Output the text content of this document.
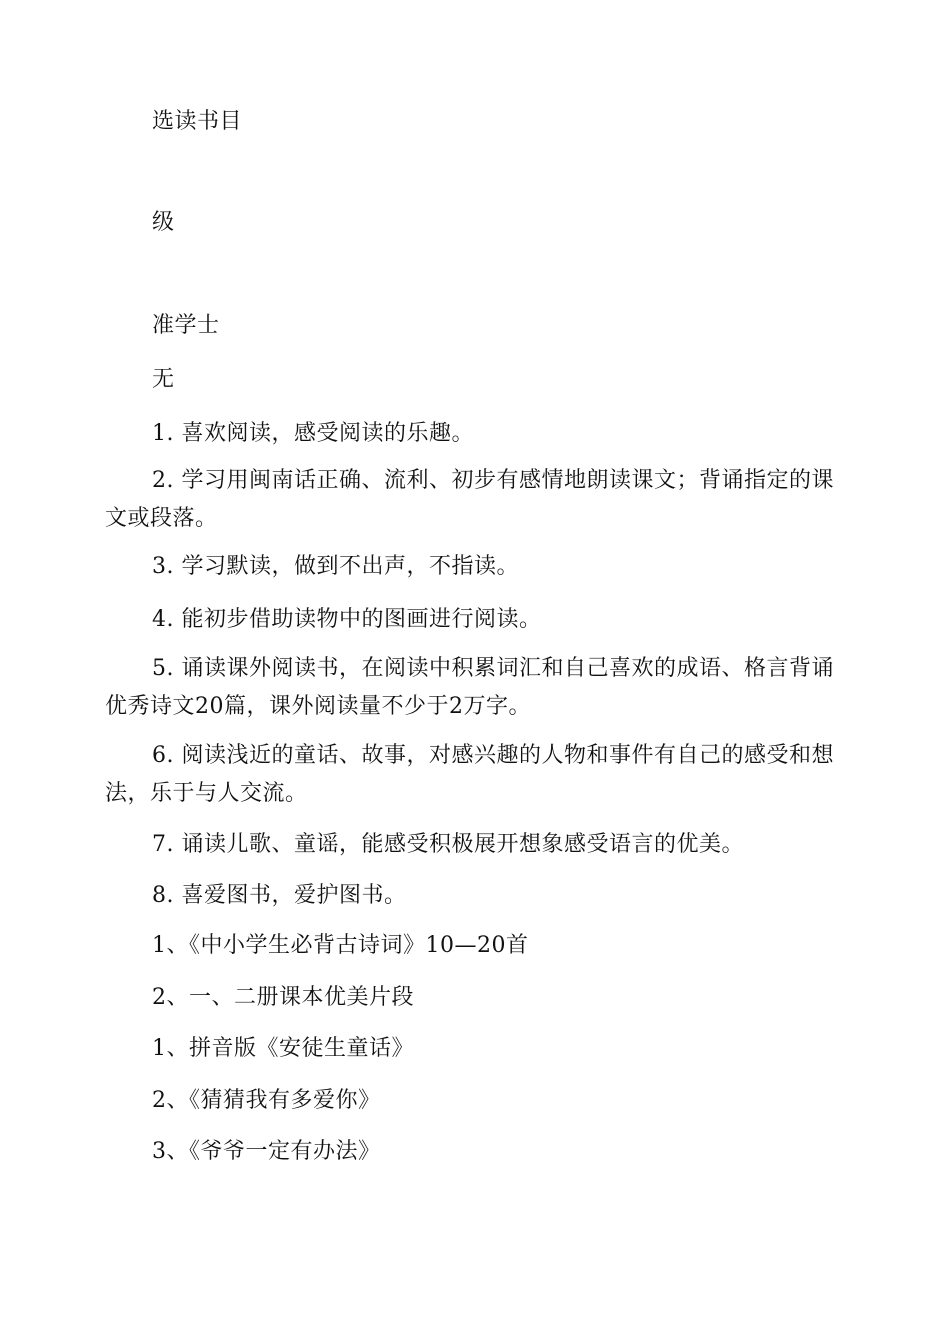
选读书目
级
准学士
无
1. 喜欢阅读，感受阅读的乐趣。
2. 学习用闽南话正确、流利、初步有感情地朗读课文；背诵指定的课文或段落。
3. 学习默读，做到不出声，不指读。
4. 能初步借助读物中的图画进行阅读。
5. 诵读课外阅读书，在阅读中积累词汇和自己喜欢的成语、格言背诵优秀诗文20篇，课外阅读量不少于2万字。
6. 阅读浅近的童话、故事，对感兴趣的人物和事件有自己的感受和想法，乐于与人交流。
7. 诵读儿歌、童谣，能感受积极展开想象感受语言的优美。
8. 喜爱图书，爱护图书。
1、《中小学生必背古诗词》10—20首
2、一、二册课本优美片段
1、拼音版《安徒生童话》
2、《猜猜我有多爱你》
3、《爷爷一定有办法》
